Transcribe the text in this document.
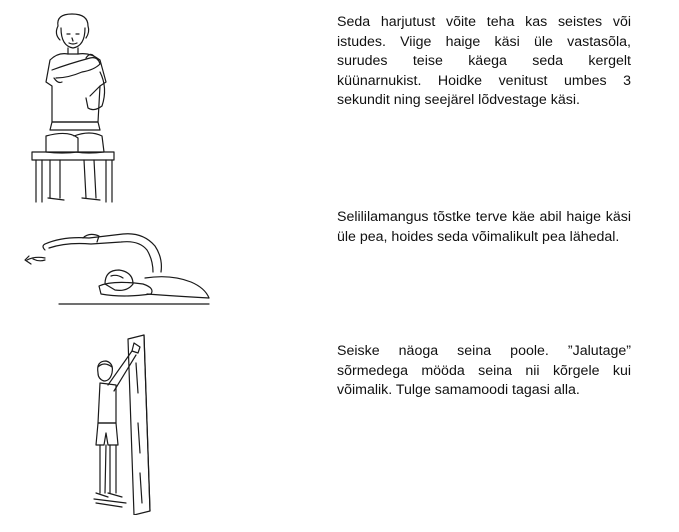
Seda harjutust võite teha kas seistes või istudes. Viige haige käsi üle vastasõla, surudes teise käega seda kergelt küünarnukist. Hoidke venitust umbes 3 sekundit ning seejärel lõdvestage käsi.

Selililamangus tõstke terve käe abil haige käsi üle pea, hoides seda võimalikult pea lähedal.

Seiske näoga seina poole. ”Jalutage” sõrmedega mööda seina nii kõrgele kui võimalik. Tulge samamoodi tagasi alla.
